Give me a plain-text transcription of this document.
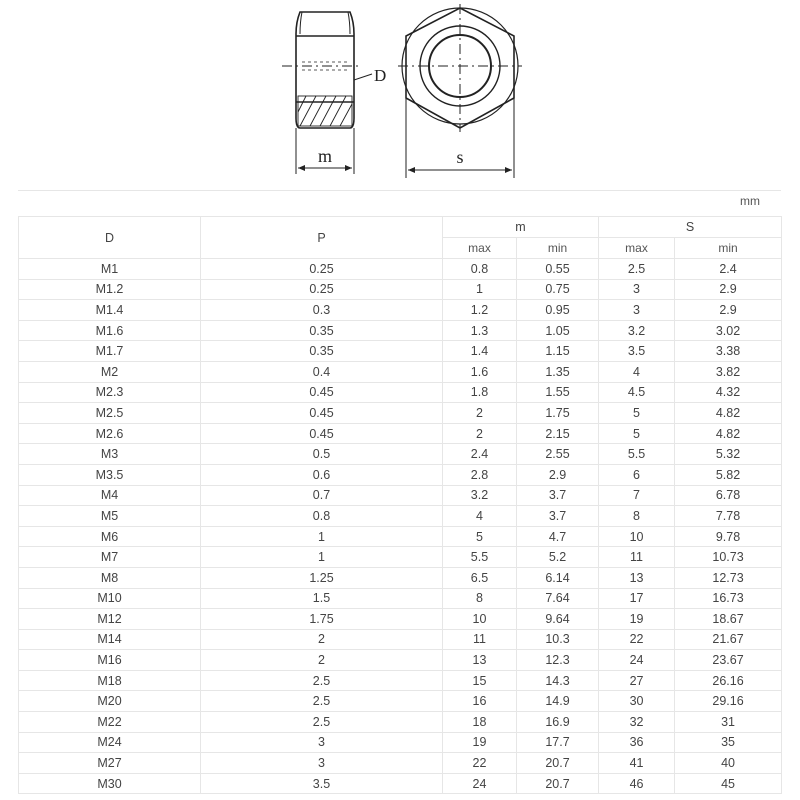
D
m	s
mm
D	P	m		S	
		max	min	max	min
M1	0.25	0.8	0.55	2.5	2.4
M1.2	0.25	1	0.75	3	2.9
M1.4	0.3	1.2	0.95	3	2.9
M1.6	0.35	1.3	1.05	3.2	3.02
M1.7	0.35	1.4	1.15	3.5	3.38
M2	0.4	1.6	1.35	4	3.82
M2.3	0.45	1.8	1.55	4.5	4.32
M2.5	0.45	2	1.75	5	4.82
M2.6	0.45	2	2.15	5	4.82
M3	0.5	2.4	2.55	5.5	5.32
M3.5	0.6	2.8	2.9	6	5.82
M4	0.7	3.2	3.7	7	6.78
M5	0.8	4	3.7	8	7.78
M6	1	5	4.7	10	9.78
M7	1	5.5	5.2	11	10.73
M8	1.25	6.5	6.14	13	12.73
M10	1.5	8	7.64	17	16.73
M12	1.75	10	9.64	19	18.67
M14	2	11	10.3	22	21.67
M16	2	13	12.3	24	23.67
M18	2.5	15	14.3	27	26.16
M20	2.5	16	14.9	30	29.16
M22	2.5	18	16.9	32	31
M24	3	19	17.7	36	35
M27	3	22	20.7	41	40
M30	3.5	24	20.7	46	45
